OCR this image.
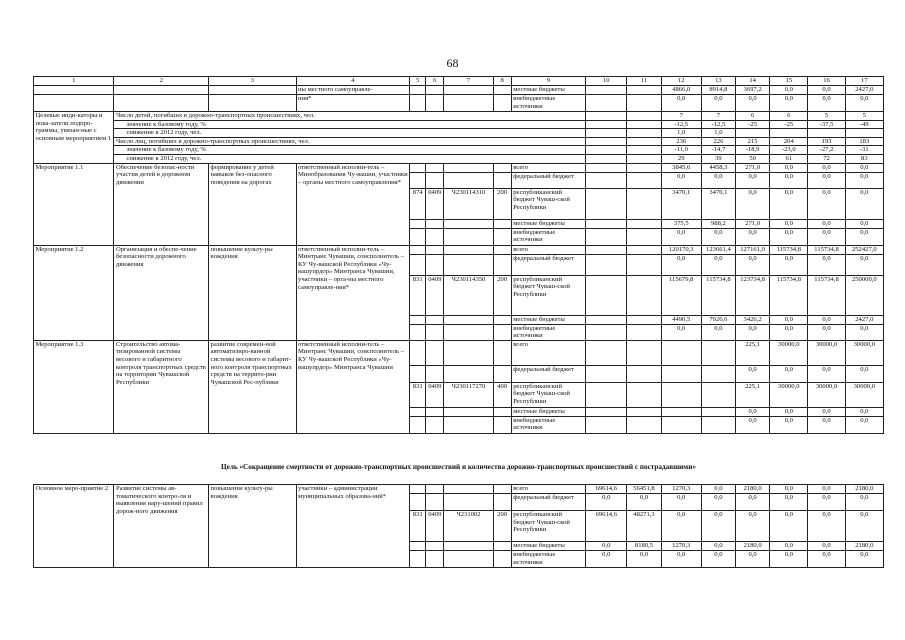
68
1	2	3	4	5	6	7	8	9	10	11	12	13	14	15	16	17
			ны местного самоуправле-					местные бюджеты			4866,0	8914,8	3697,2	0,0	0,0	2427,0
			ния*					внебюджетные источники			0,0	0,0	0,0	0,0	0,0	0,0
Целевые инди-каторы и пока-затели подпро-граммы, увязан-ные с основным мероприятием 1	Число детей, погибших в дорожно-транспортных происшествиях, чел.										7	7	6	6	5	5
	значение к базовому году, %										-12,5	-12,5	-25	-25	-37,5	-49
	снижение к 2012 году, чел.										1,0	1,0				
	Число лиц, погибших в дорожно-транспортных происшествиях, чел.										236	226	215	204	193	183
	значение к базовому году, %										-11,0	-14,7	-18,9	-23,0	-27,2	-31
	снижение к 2012 году, чел.										29	39	50	61	72	83
Мероприятие 1.1	Обеспечение безопас-ности участия детей в дорожном движении	формирование у детей навыков без-опасного поведения на дорогах	ответственный исполни-тель – Минобразования Чу-вашии, участники – органы местного самоуправления*					всего			3845,6	4458,3	271,0	0,0	0,0	0,0
								федеральный бюджет			0,0	0,0	0,0	0,0	0,0	0,0
				874	0409	Ч230114310	200	республиканский бюджет Чуваш-ской Республики			3470,1	3470,1	0,0	0,0	0,0	0,0
								местные бюджеты			375,5	988,2	271,0	0,0	0,0	0,0
								внебюджетные источники			0,0	0,0	0,0	0,0	0,0	0,0
Мероприятие 1.2	Организация и обеспе-чение безопасности дорожного движения	повышение культу-ры вождения	ответственный исполни-тель – Минтранс Чувашии, соисполнитель – КУ Чу-вашской Республики «Чу-вашупрдор» Минтранса Чувашии, участники – орга-ны местного самоуправле-ния*					всего			120170,3	123661,4	127161,0	115734,8	115734,8	252427,0
								федеральный бюджет			0,0	0,0	0,0	0,0	0,0	0,0
				831	0409	Ч230114350	200	республиканский бюджет Чуваш-ской Республики			115679,8	115734,8	123734,8	115734,8	115734,8	250000,0
								местные бюджеты			4490,5	7926,6	3426,2	0,0	0,0	2427,0
								внебюджетные источники			0,0	0,0	0,0	0,0	0,0	0,0
Мероприятие 1.3	Строительство автома-тизированной системы весового и габаритного контроля транспортных средств на территории Чувашской Республики	развитие современ-ной автоматизиро-ванной системы весового и габарит-ного контроля транспортных средств на террито-рии Чувашской Рес-публики	ответственный исполни-тель – Минтранс Чувашии, соисполнитель – КУ Чу-вашской Республики «Чу-вашупрдор» Минтранса Чувашии					всего					225,1	30000,0	30000,0	30000,0
								федеральный бюджет					0,0	0,0	0,0	0,0
				831	0409	Ч230117270	400	республиканский бюджет Чуваш-ской Республики					225,1	30000,0	30000,0	30000,0
								местные бюджеты					0,0	0,0	0,0	0,0
								внебюджетные источники					0,0	0,0	0,0	0,0
Цель «Сокращение смертности от дорожно-транспортных происшествий и количества дорожно-транспортных происшествий с пострадавшими»
Основное меро-приятие 2	Развитие системы ав-томатического контро-ля и выявления нару-шений правил дорож-ного движения	повышение культу-ры вождения	участники – администрации муниципальных образова-ний*					всего	69614,6	56451,8	1270,3	0,0	2180,0	0,0	0,0	2180,0
								федеральный бюджет	0,0	0,0	0,0	0,0	0,0	0,0	0,0	0,0
				831	0409	Ч231002	200	республиканский бюджет Чуваш-ской Республики	69614,6	48271,3	0,0	0,0	0,0	0,0	0,0	0,0
								местные бюджеты	0,0	8180,5	1270,3	0,0	2180,0	0,0	0,0	2180,0
								внебюджетные источники	0,0	0,0	0,0	0,0	0,0	0,0	0,0	0,0
